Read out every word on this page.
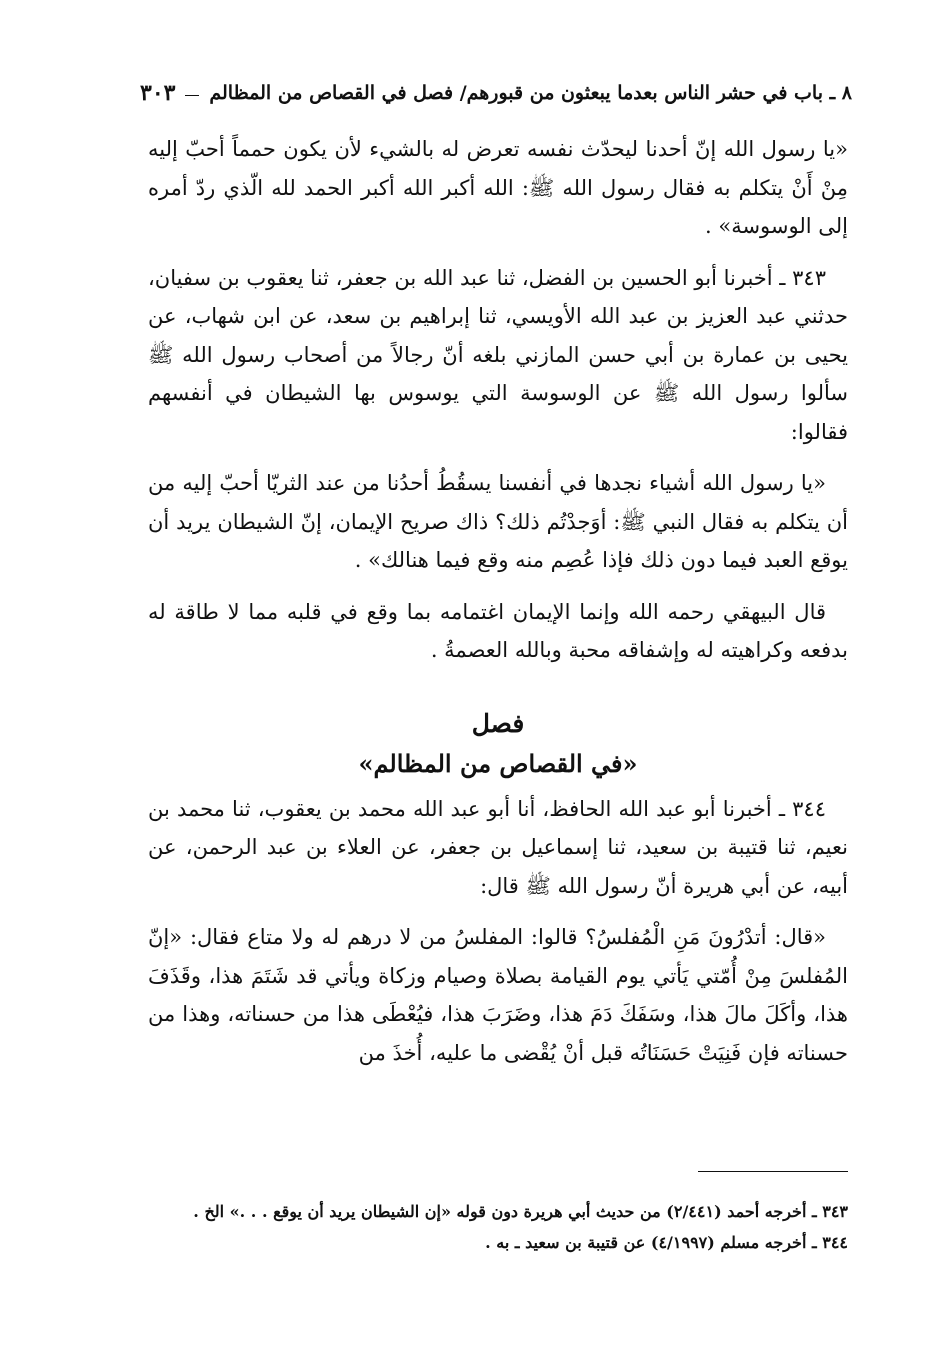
٨ ـ باب في حشر الناس بعدما يبعثون من قبورهم/ فصل في القصاص من المظالم
٣٠٣

«يا رسول الله إنّ أحدنا ليحدّث نفسه تعرض له بالشيء لأن يكون حمماً أحبّ إليه مِنْ أَنْ يتكلم به فقال رسول الله ﷺ: الله أكبر الله أكبر الحمد لله الّذي ردّ أمره إلى الوسوسة» .

٣٤٣ ـ أخبرنا أبو الحسين بن الفضل، ثنا عبد الله بن جعفر، ثنا يعقوب بن سفيان، حدثني عبد العزيز بن عبد الله الأويسي، ثنا إبراهيم بن سعد، عن ابن شهاب، عن يحيى بن عمارة بن أبي حسن المازني بلغه أنّ رجالاً من أصحاب رسول الله ﷺ سألوا رسول الله ﷺ عن الوسوسة التي يوسوس بها الشيطان في أنفسهم فقالوا:

«يا رسول الله أشياء نجدها في أنفسنا يسقُطُ أحدُنا من عند الثريّا أحبّ إليه من أن يتكلم به فقال النبي ﷺ: أوَجدْتُم ذلك؟ ذاك صريح الإيمان، إنّ الشيطان يريد أن يوقع العبد فيما دون ذلك فإذا عُصِم منه وقع فيما هنالك» .

قال البيهقي رحمه الله وإنما الإيمان اغتمامه بما وقع في قلبه مما لا طاقة له بدفعه وكراهيته له وإشفاقه محبة وبالله العصمةُ .

فصل
«في القصاص من المظالم»

٣٤٤ ـ أخبرنا أبو عبد الله الحافظ، أنا أبو عبد الله محمد بن يعقوب، ثنا محمد بن نعيم، ثنا قتيبة بن سعيد، ثنا إسماعيل بن جعفر، عن العلاء بن عبد الرحمن، عن أبيه، عن أبي هريرة أنّ رسول الله ﷺ قال:

«قال: أتدْرُونَ مَنِ الْمُفلسُ؟ قالوا: المفلسُ من لا درهم له ولا متاع فقال: «إنّ المُفلسَ مِنْ أُمّتي يَأتي يوم القيامة بصلاة وصيام وزكاة ويأتي قد شَتَمَ هذا، وقَذَفَ هذا، وأكَلَ مالَ هذا، وسَفَكَ دَمَ هذا، وضَرَبَ هذا، فيُعْطَى هذا من حسناته، وهذا من حسناته فإن فَنِيَتْ حَسَنَاتُه قبل أنْ يُقْضى ما عليه، أُخذَ من

٣٤٣ ـ أخرجه أحمد (٢/٤٤١) من حديث أبي هريرة دون قوله «إن الشيطان يريد أن يوقع . . .» الخ .
٣٤٤ ـ أخرجه مسلم (٤/١٩٩٧) عن قتيبة بن سعيد ـ به .
